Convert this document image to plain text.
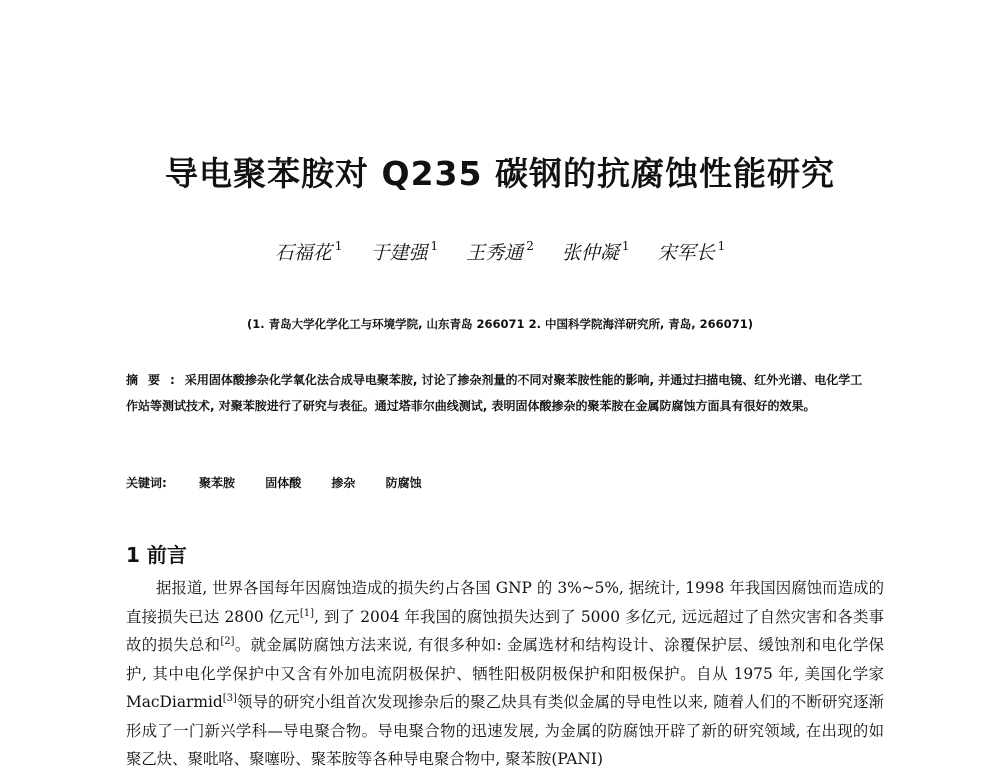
导电聚苯胺对 Q235 碳钢的抗腐蚀性能研究
石福花 $^1$ 于建强 $^1$ 王秀通 $^2$ 张仲凝 $^1$ 宋军长 $^1$
(1. 青岛大学化学化工与环境学院, 山东青岛 266071 2. 中国科学院海洋研究所, 青岛, 266071)

摘要:采用固体酸掺杂化学氧化法合成导电聚苯胺, 讨论了掺杂剂量的不同对聚苯胺性能的影响, 并通过扫描电镜、红外光谱、电化学工作站等测试技术, 对聚苯胺进行了研究与表征。通过塔菲尔曲线测试, 表明固体酸掺杂的聚苯胺在金属防腐蚀方面具有很好的效果。

关键词:	聚苯胺	固体酸	掺杂	防腐蚀
1 前言

据报道, 世界各国每年因腐蚀造成的损失约占各国 GNP 的 3%~5%, 据统计, 1998 年我国因腐蚀而造成的直接损失已达 2800 亿元[1], 到了 2004 年我国的腐蚀损失达到了 5000 多亿元, 远远超过了自然灾害和各类事故的损失总和[2]。就金属防腐蚀方法来说, 有很多种如: 金属选材和结构设计、涂覆保护层、缓蚀剂和电化学保护, 其中电化学保护中又含有外加电流阴极保护、牺牲阳极阴极保护和阳极保护。自从 1975 年, 美国化学家 MacDiarmid[3]领导的研究小组首次发现掺杂后的聚乙炔具有类似金属的导电性以来, 随着人们的不断研究逐渐形成了一门新兴学科—导电聚合物。导电聚合物的迅速发展, 为金属的防腐蚀开辟了新的研究领域, 在出现的如聚乙炔、聚吡咯、聚噻吩、聚苯胺等各种导电聚合物中, 聚苯胺(PANI)
